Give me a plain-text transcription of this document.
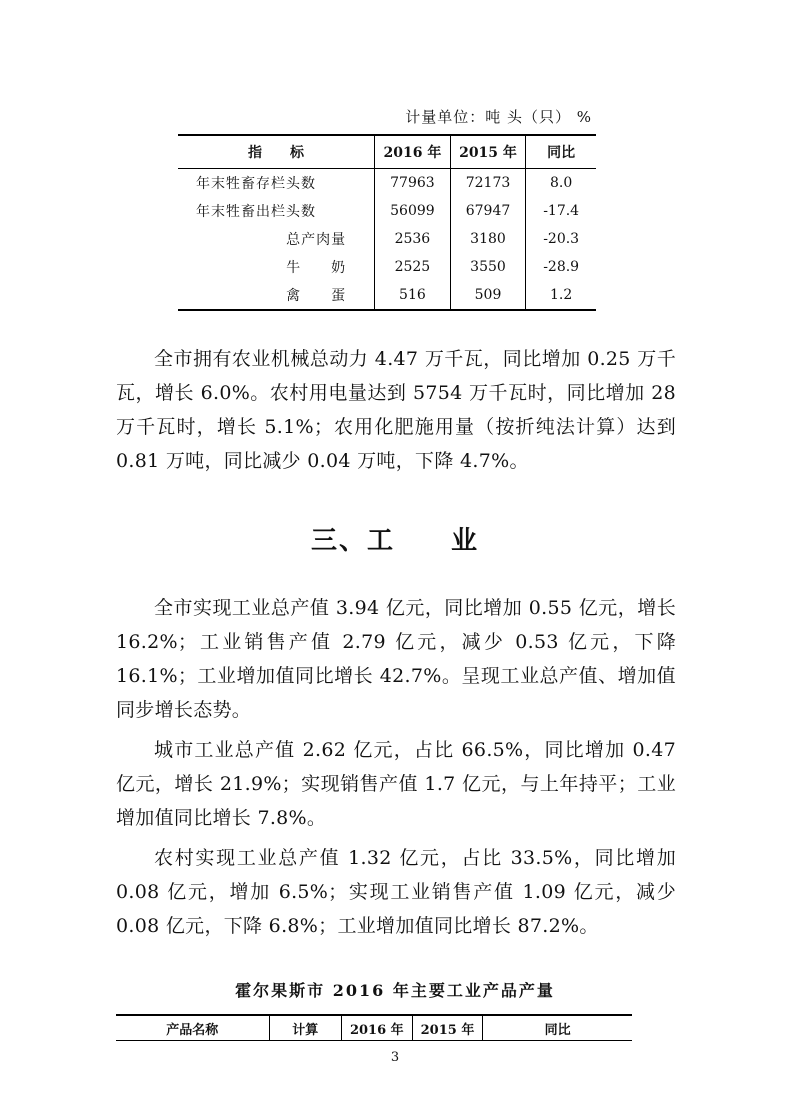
计量单位：吨 头（只） %
指　　标	2016 年	2015 年	同比
年末牲畜存栏头数	77963	72173	8.0
年末牲畜出栏头数	56099	67947	-17.4
总产肉量	2536	3180	-20.3
牛　　奶	2525	3550	-28.9
禽　　蛋	516	509	1.2

全市拥有农业机械总动力 4.47 万千瓦，同比增加 0.25 万千瓦，增长 6.0%。农村用电量达到 5754 万千瓦时，同比增加 28 万千瓦时，增长 5.1%；农用化肥施用量（按折纯法计算）达到 0.81 万吨，同比减少 0.04 万吨，下降 4.7%。

三、工　　业

全市实现工业总产值 3.94 亿元，同比增加 0.55 亿元，增长 16.2%；工业销售产值 2.79 亿元，减少 0.53 亿元，下降 16.1%；工业增加值同比增长 42.7%。呈现工业总产值、增加值同步增长态势。

城市工业总产值 2.62 亿元，占比 66.5%，同比增加 0.47 亿元，增长 21.9%；实现销售产值 1.7 亿元，与上年持平；工业增加值同比增长 7.8%。

农村实现工业总产值 1.32 亿元，占比 33.5%，同比增加 0.08 亿元，增加 6.5%；实现工业销售产值 1.09 亿元，减少 0.08 亿元，下降 6.8%；工业增加值同比增长 87.2%。

霍尔果斯市 2016 年主要工业产品产量
产品名称	计算	2016 年	2015 年	同比
3
